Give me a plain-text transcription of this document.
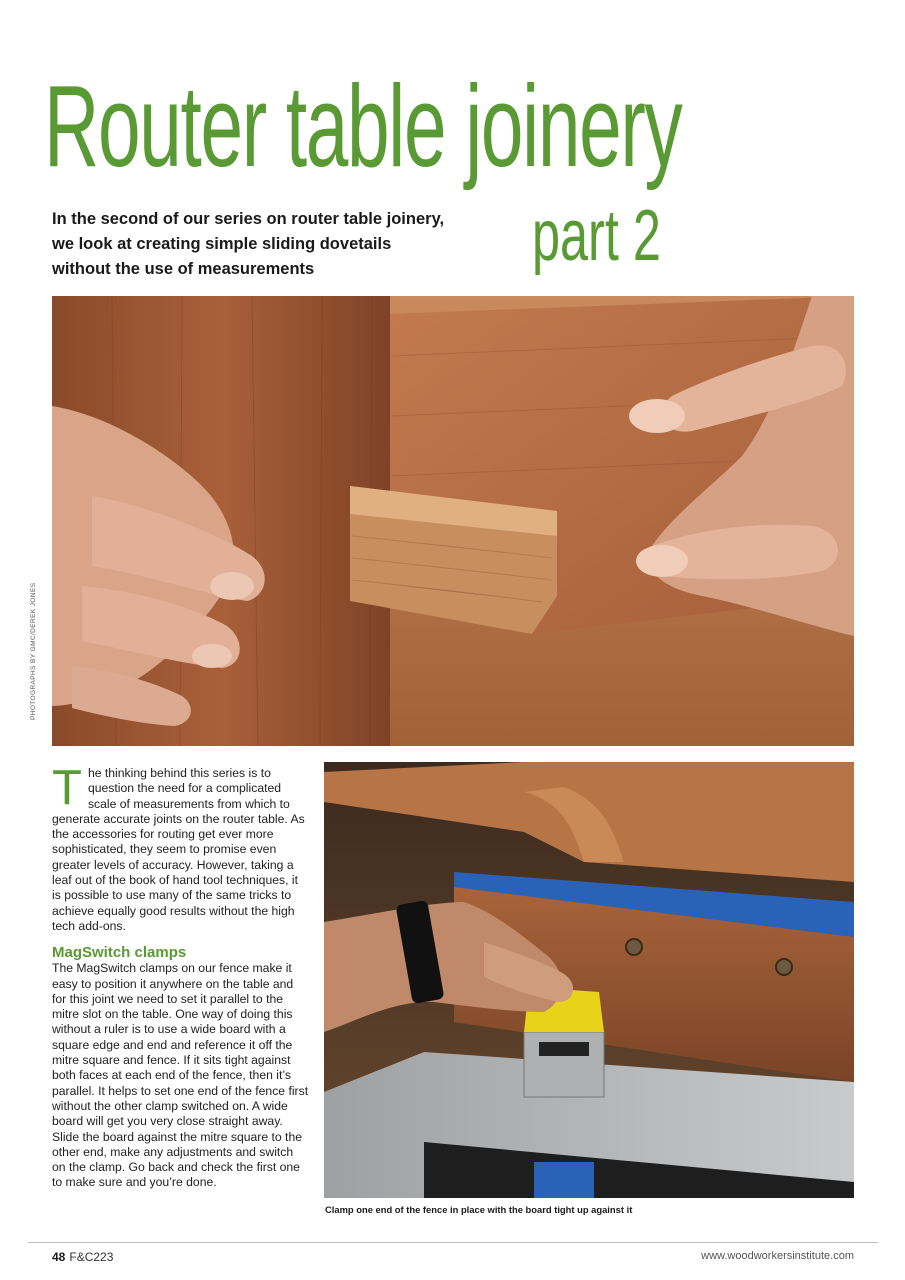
Router table joinery
part 2

In the second of our series on router table joinery, we look at creating simple sliding dovetails without the use of measurements

PHOTOGRAPHS BY GMC/DEREK JONES

The thinking behind this series is to question the need for a complicated scale of measurements from which to generate accurate joints on the router table. As the accessories for routing get ever more sophisticated, they seem to promise even greater levels of accuracy. However, taking a leaf out of the book of hand tool techniques, it is possible to use many of the same tricks to achieve equally good results without the high tech add-ons.

MagSwitch clamps

The MagSwitch clamps on our fence make it easy to position it anywhere on the table and for this joint we need to set it parallel to the mitre slot on the table. One way of doing this without a ruler is to use a wide board with a square edge and end and reference it off the mitre square and fence. If it sits tight against both faces at each end of the fence, then it’s parallel. It helps to set one end of the fence first without the other clamp switched on. A wide board will get you very close straight away. Slide the board against the mitre square to the other end, make any adjustments and switch on the clamp. Go back and check the first one to make sure and you’re done.

Clamp one end of the fence in place with the board tight up against it
48 F&C223	www.woodworkersinstitute.com
